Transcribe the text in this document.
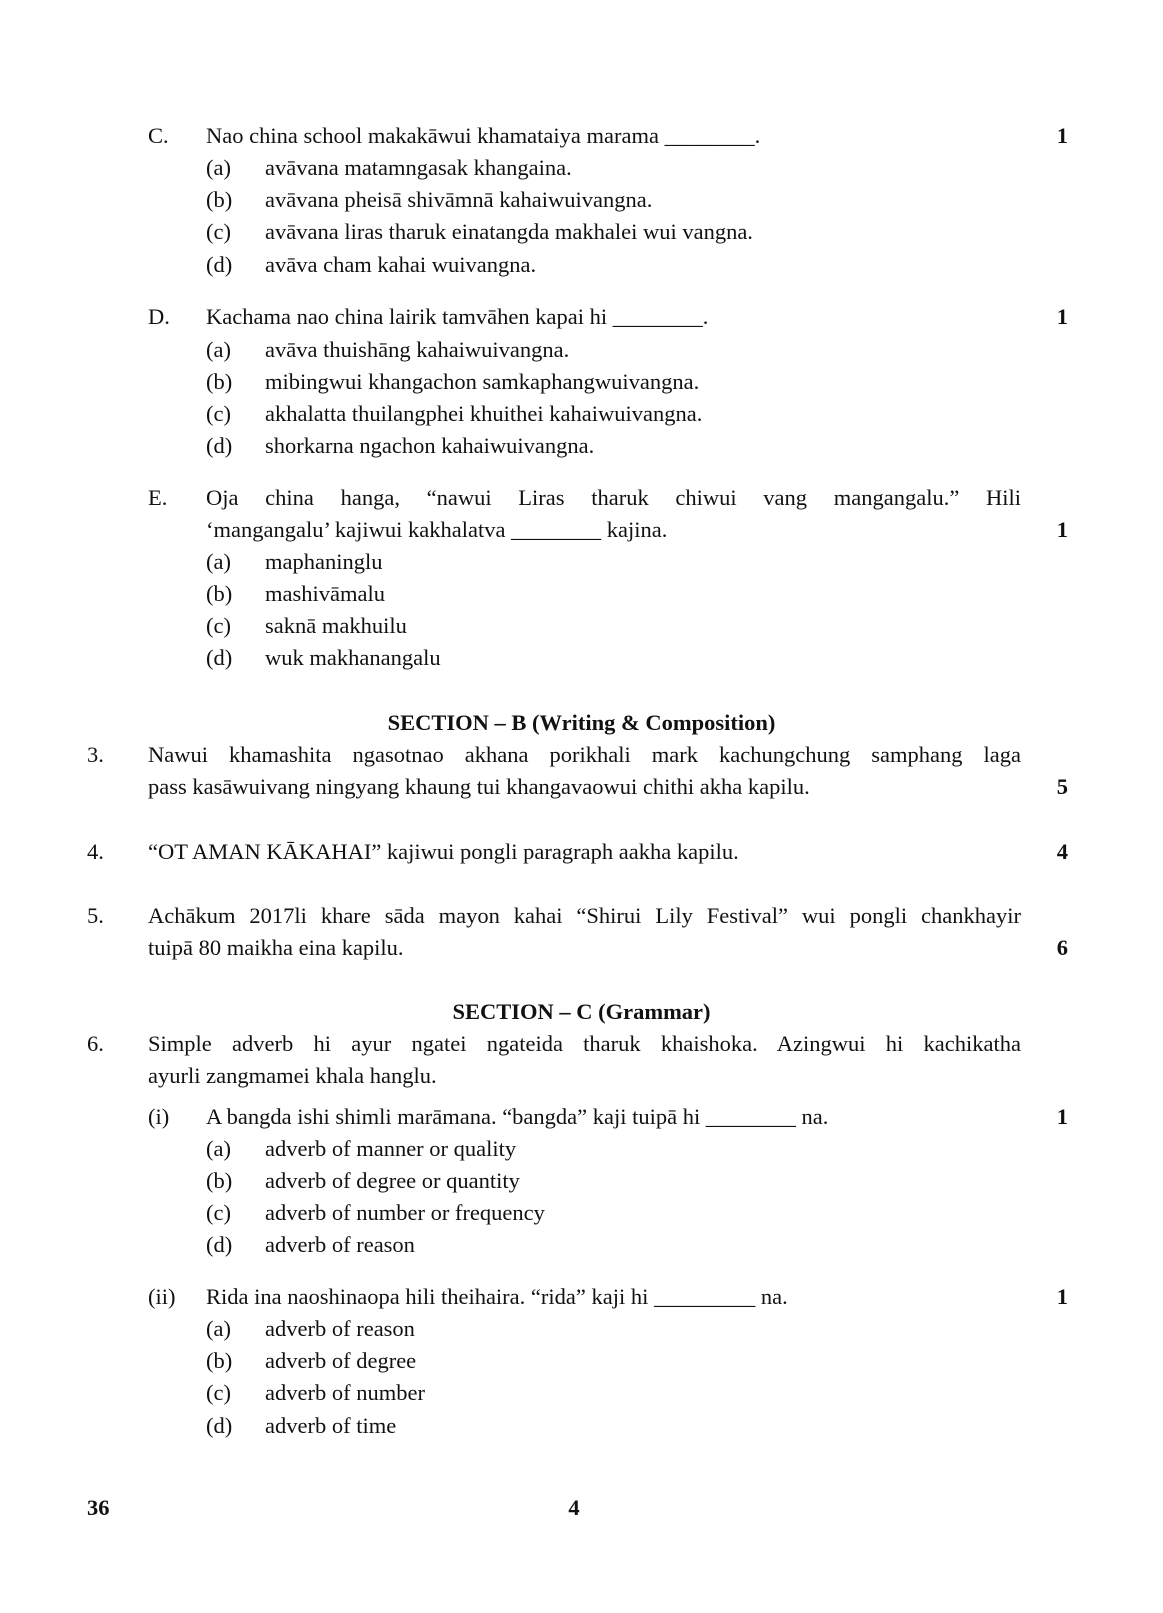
C. Nao china school makakāwui khamataiya marama ________.	1
(a) avāvana matamngasak khangaina.
(b) avāvana pheisā shivāmnā kahaiwuivangna.
(c) avāvana liras tharuk einatangda makhalei wui vangna.
(d) avāva cham kahai wuivangna.
D. Kachama nao china lairik tamvāhen kapai hi ________.	1
(a) avāva thuishāng kahaiwuivangna.
(b) mibingwui khangachon samkaphangwuivangna.
(c) akhalatta thuilangphei khuithei kahaiwuivangna.
(d) shorkarna ngachon kahaiwuivangna.
E. Oja china hanga, “nawui Liras tharuk chiwui vang mangangalu.” Hili
‘mangangalu’ kajiwui kakhalatva ________ kajina.	1
(a) maphaninglu
(b) mashivāmalu
(c) saknā makhuilu
(d) wuk makhanangalu
SECTION – B (Writing & Composition)
3. Nawui khamashita ngasotnao akhana porikhali mark kachungchung samphang laga
pass kasāwuivang ningyang khaung tui khangavaowui chithi akha kapilu.	5
4. “OT AMAN KĀKAHAI” kajiwui pongli paragraph aakha kapilu.	4
5. Achākum 2017li khare sāda mayon kahai “Shirui Lily Festival” wui pongli chankhayir
tuipā 80 maikha eina kapilu.	6
SECTION – C (Grammar)
6. Simple adverb hi ayur ngatei ngateida tharuk khaishoka. Azingwui hi kachikatha
ayurli zangmamei khala hanglu.
(i) A bangda ishi shimli marāmana. “bangda” kaji tuipā hi ________ na.	1
(a) adverb of manner or quality
(b) adverb of degree or quantity
(c) adverb of number or frequency
(d) adverb of reason
(ii) Rida ina naoshinaopa hili theihaira. “rida” kaji hi _________ na.	1
(a) adverb of reason
(b) adverb of degree
(c) adverb of number
(d) adverb of time
36	4
